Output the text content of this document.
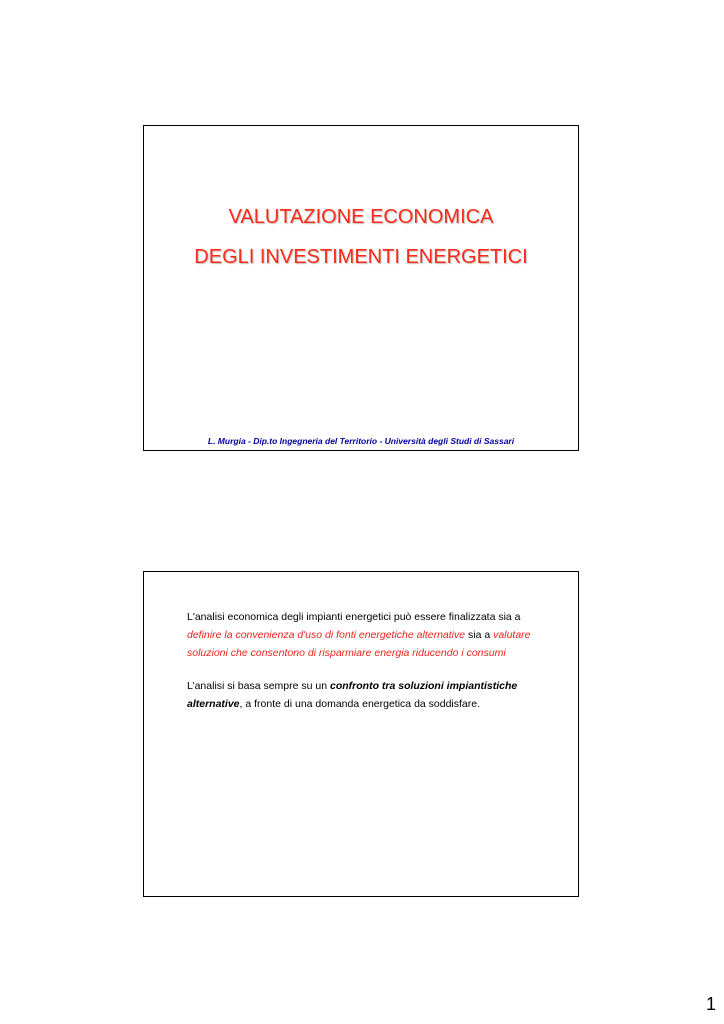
VALUTAZIONE ECONOMICA
DEGLI INVESTIMENTI ENERGETICI
L. Murgia - Dip.to Ingegneria del Territorio - Università degli Studi di Sassari

L'analisi economica degli impianti energetici può essere finalizzata sia a definire la convenienza d'uso di fonti energetiche alternative sia a valutare soluzioni che consentono di risparmiare energia riducendo i consumi

L’analisi si basa sempre su un confronto tra soluzioni impiantistiche alternative, a fronte di una domanda energetica da soddisfare.

1
